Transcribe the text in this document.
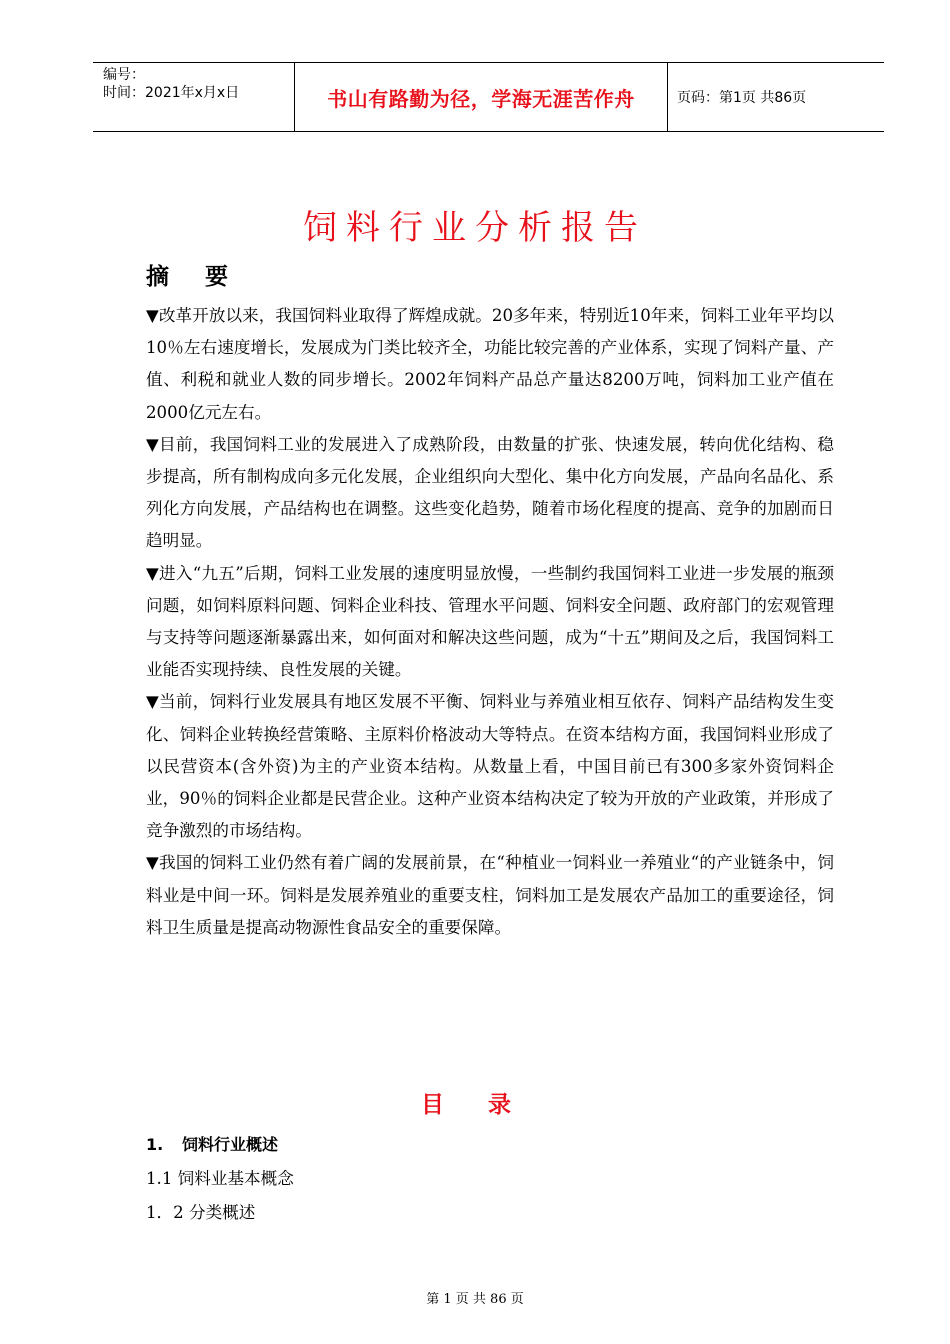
编号：
时间：2021年x月x日	书山有路勤为径，学海无涯苦作舟	页码：第1页 共86页
饲料行业分析报告
摘 要

▼改革开放以来，我国饲料业取得了辉煌成就。20多年来，特别近10年来，饲料工业年平均以10％左右速度增长，发展成为门类比较齐全，功能比较完善的产业体系，实现了饲料产量、产值、利税和就业人数的同步增长。2002年饲料产品总产量达8200万吨，饲料加工业产值在2000亿元左右。

▼目前，我国饲料工业的发展进入了成熟阶段，由数量的扩张、快速发展，转向优化结构、稳步提高，所有制构成向多元化发展，企业组织向大型化、集中化方向发展，产品向名品化、系列化方向发展，产品结构也在调整。这些变化趋势，随着市场化程度的提高、竞争的加剧而日趋明显。

▼进入“九五”后期，饲料工业发展的速度明显放慢，一些制约我国饲料工业进一步发展的瓶颈问题，如饲料原料问题、饲料企业科技、管理水平问题、饲料安全问题、政府部门的宏观管理与支持等问题逐渐暴露出来，如何面对和解决这些问题，成为“十五”期间及之后，我国饲料工业能否实现持续、良性发展的关键。

▼当前，饲料行业发展具有地区发展不平衡、饲料业与养殖业相互依存、饲料产品结构发生变化、饲料企业转换经营策略、主原料价格波动大等特点。在资本结构方面，我国饲料业形成了以民营资本(含外资)为主的产业资本结构。从数量上看，中国目前已有300多家外资饲料企业，90％的饲料企业都是民营企业。这种产业资本结构决定了较为开放的产业政策，并形成了竞争激烈的市场结构。

▼我国的饲料工业仍然有着广阔的发展前景，在“种植业一饲料业一养殖业“的产业链条中，饲料业是中间一环。饲料是发展养殖业的重要支柱，饲料加工是发展农产品加工的重要途径，饲料卫生质量是提高动物源性食品安全的重要保障。

目 录
1. 饲料行业概述
1.1 饲料业基本概念
1．2 分类概述
第 1 页 共 86 页
